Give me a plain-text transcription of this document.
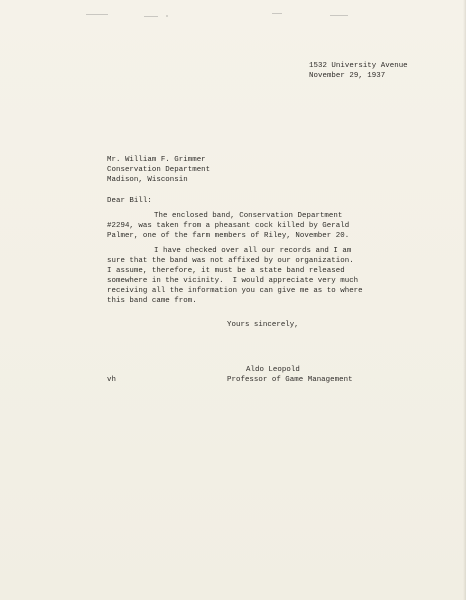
1532 University Avenue
November 29, 1937
Mr. William F. Grimmer
Conservation Department
Madison, Wisconsin
Dear Bill:
The enclosed band, Conservation Department
#2294, was taken from a pheasant cock killed by Gerald
Palmer, one of the farm members of Riley, November 20.
I have checked over all our records and I am
sure that the band was not affixed by our organization.
I assume, therefore, it must be a state band released
somewhere in the vicinity.  I would appreciate very much
receiving all the information you can give me as to where
this band came from.
Yours sincerely,
Aldo Leopold
Professor of Game Management
vh
